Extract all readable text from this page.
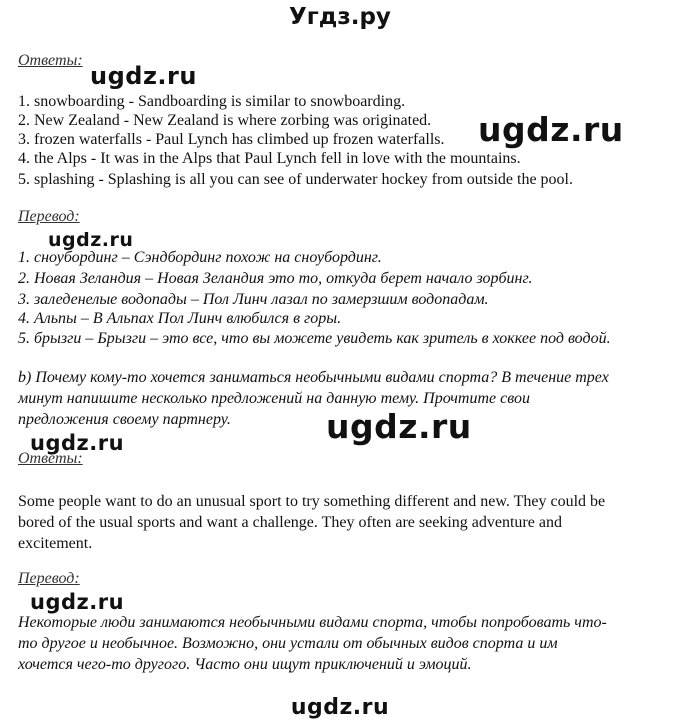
Угдз.ру
Ответы:
1. snowboarding - Sandboarding is similar to snowboarding.
2. New Zealand - New Zealand is where zorbing was originated.
3. frozen waterfalls - Paul Lynch has climbed up frozen waterfalls.
4. the Alps - It was in the Alps that Paul Lynch fell in love with the mountains.
5. splashing - Splashing is all you can see of underwater hockey from outside the pool.
Перевод:
1. сноубординг – Сэндбординг похож на сноубординг.
2. Новая Зеландия – Новая Зеландия это то, откуда берет начало зорбинг.
3. заледенелые водопады – Пол Линч лазал по замерзшим водопадам.
4. Альпы – В Альпах Пол Линч влюбился в горы.
5. брызги – Брызги – это все, что вы можете увидеть как зритель в хоккее под водой.
b) Почему кому-то хочется заниматься необычными видами спорта? В течение трех
минут напишите несколько предложений на данную тему. Прочтите свои
предложения своему партнеру.
Ответы:
Some people want to do an unusual sport to try something different and new. They could be
bored of the usual sports and want a challenge. They often are seeking adventure and
excitement.
Перевод:
Некоторые люди занимаются необычными видами спорта, чтобы попробовать что-
то другое и необычное. Возможно, они устали от обычных видов спорта и им
хочется чего-то другого. Часто они ищут приключений и эмоций.
ugdz.ru
ugdz.ru
ugdz.ru
ugdz.ru
ugdz.ru
ugdz.ru
ugdz.ru
